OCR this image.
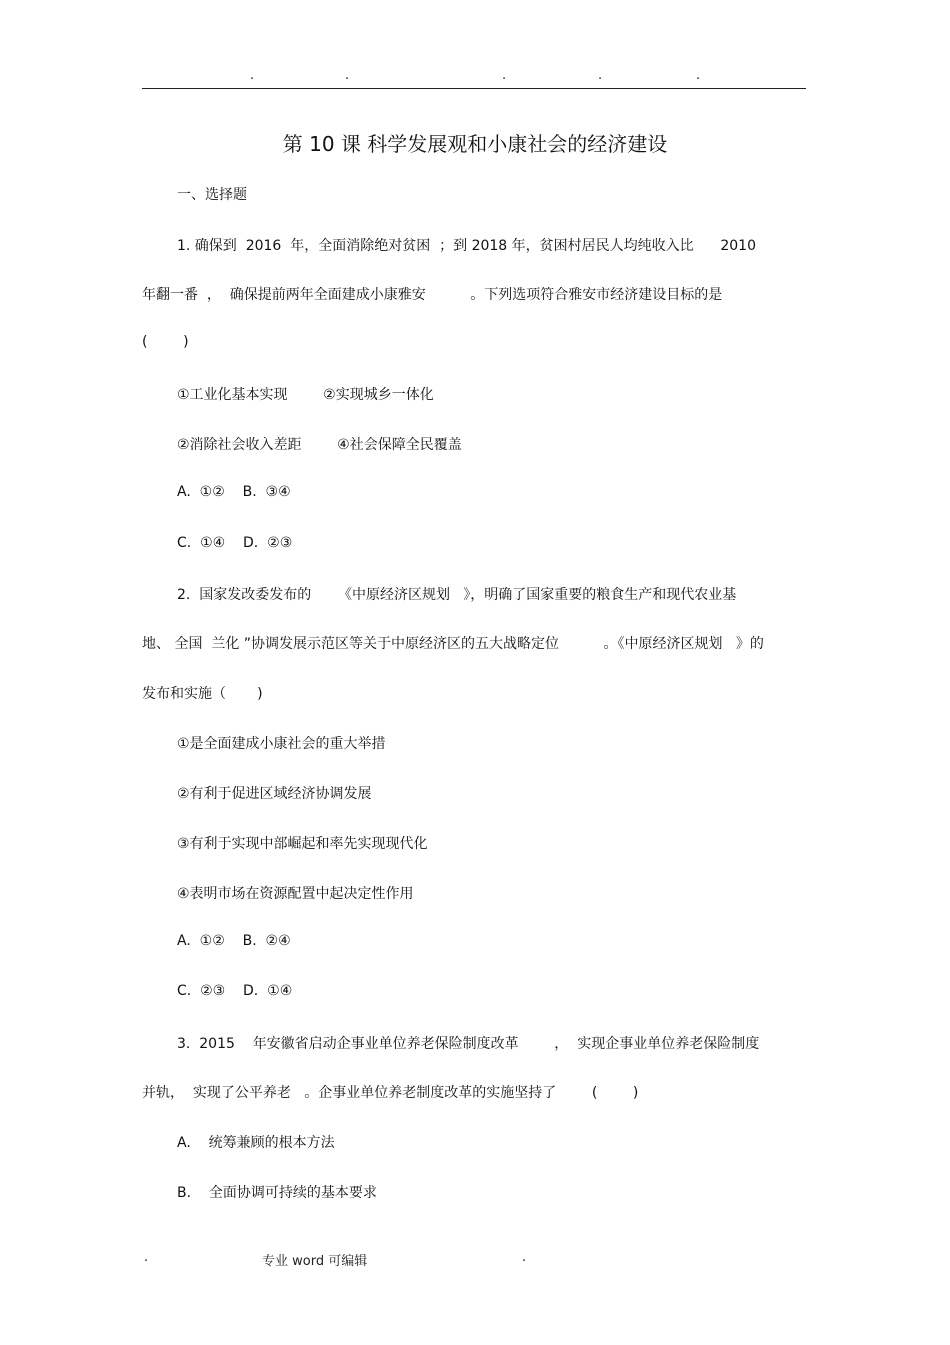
.	.	.	.	.
第 10 课 科学发展观和小康社会的经济建设
一、选择题
1. 确保到  2016  年，全面消除绝对贫困  ；到 2018 年，贫困村居民人均纯收入比      2010
年翻一番  ，  确保提前两年全面建成小康雅安          。下列选项符合雅安市经济建设目标的是
(        )
①工业化基本实现        ②实现城乡一体化
②消除社会收入差距        ④社会保障全民覆盖
A.  ①②    B.  ③④
C.  ①④    D.  ②③
2.  国家发改委发布的      《中原经济区规划   》，明确了国家重要的粮食生产和现代农业基
地、 全国  兰化 ”协调发展示范区等关于中原经济区的五大战略定位          。《中原经济区规划   》的
发布和实施（       )
①是全面建成小康社会的重大举措
②有利于促进区域经济协调发展
③有利于实现中部崛起和率先实现现代化
④表明市场在资源配置中起决定性作用
A.  ①②    B.  ②④
C.  ②③    D.  ①④
3.  2015    年安徽省启动企事业单位养老保险制度改革        ，  实现企事业单位养老保险制度
并轨，  实现了公平养老   。企事业单位养老制度改革的实施坚持了        (        )
A.    统筹兼顾的根本方法
B.    全面协调可持续的基本要求
.	专业 word 可编辑	.
